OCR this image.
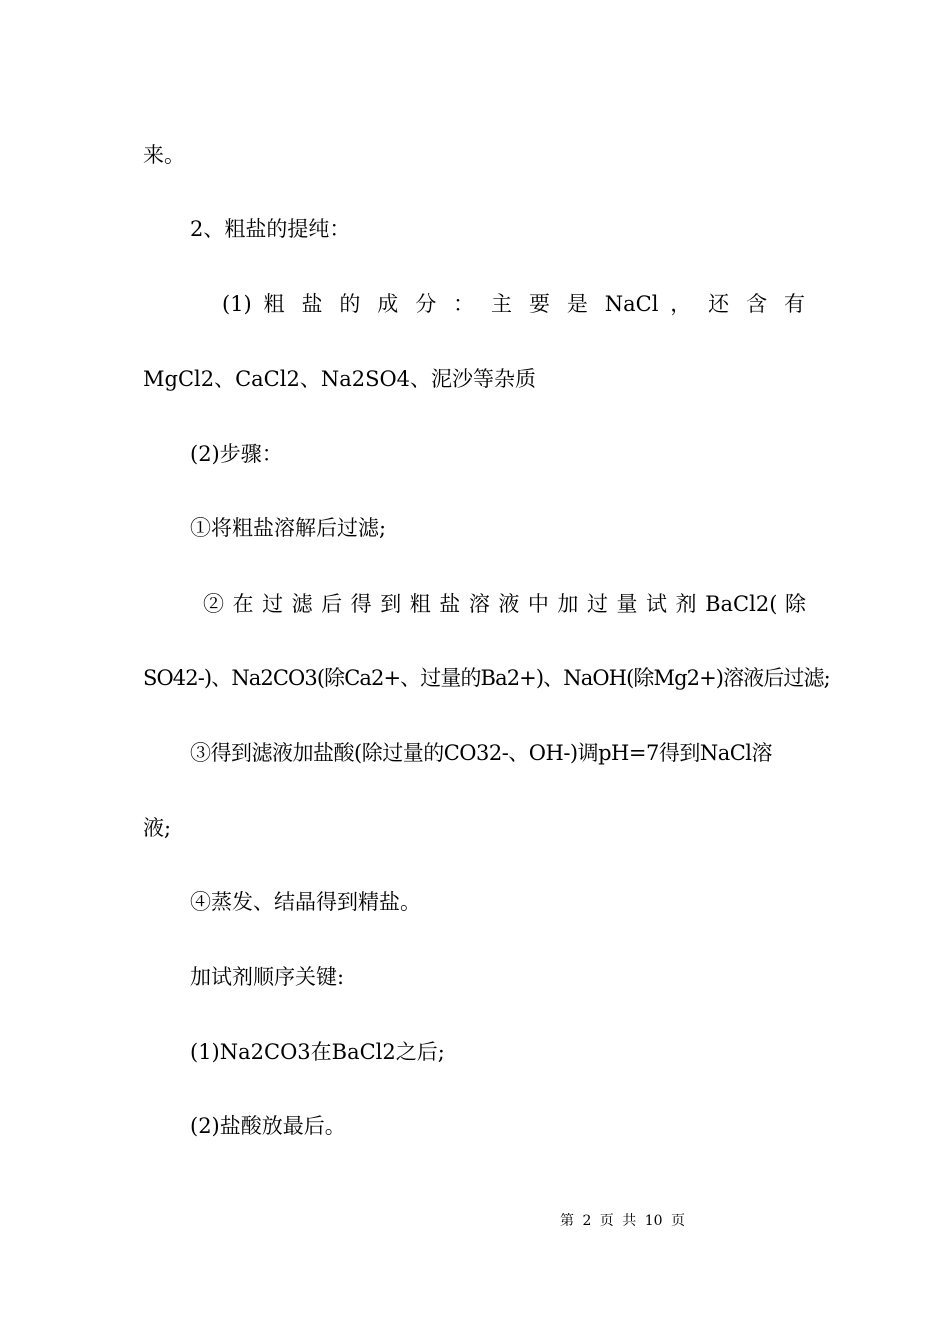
来。
2、粗盐的提纯：
(1) 粗 盐 的 成 分 ： 主 要 是 NaCl ， 还 含 有
MgCl2、CaCl2、Na2SO4、泥沙等杂质
(2)步骤：
①将粗盐溶解后过滤;
② 在 过 滤 后 得 到 粗 盐 溶 液 中 加 过 量 试 剂 BaCl2( 除
SO42-)、Na2CO3(除Ca2+、过量的Ba2+)、NaOH(除Mg2+)溶液后过滤;
③得到滤液加盐酸(除过量的CO32-、OH-)调pH=7得到NaCl溶
液;
④蒸发、结晶得到精盐。
加试剂顺序关键:
(1)Na2CO3在BaCl2之后;
(2)盐酸放最后。
第 2 页 共 10 页
